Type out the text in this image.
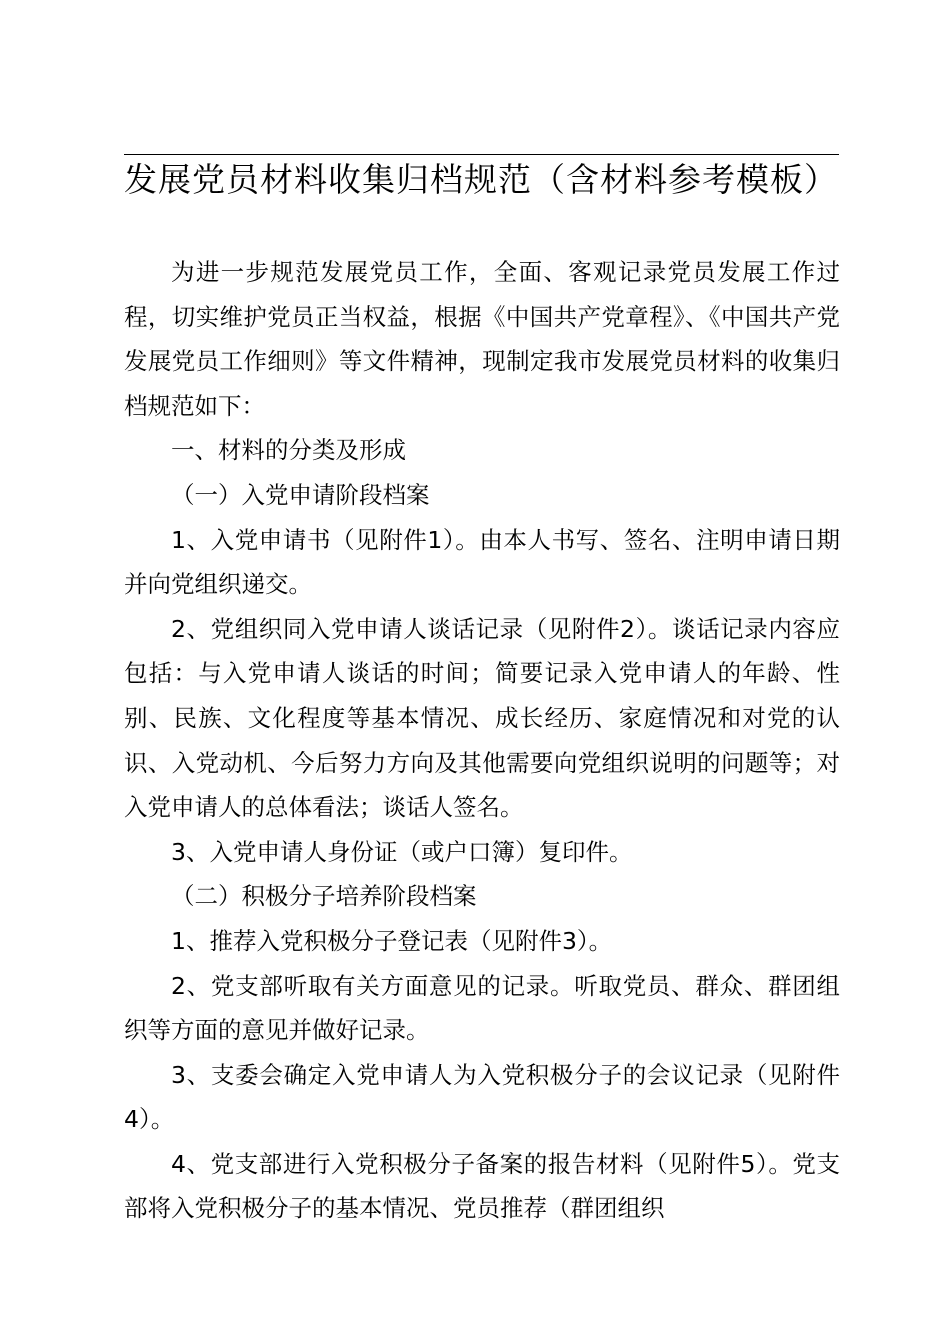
发展党员材料收集归档规范（含材料参考模板）

为进一步规范发展党员工作，全面、客观记录党员发展工作过程，切实维护党员正当权益，根据《中国共产党章程》、《中国共产党发展党员工作细则》等文件精神，现制定我市发展党员材料的收集归档规范如下：

一、材料的分类及形成

（一）入党申请阶段档案

1、入党申请书（见附件1）。由本人书写、签名、注明申请日期并向党组织递交。

2、党组织同入党申请人谈话记录（见附件2）。谈话记录内容应包括：与入党申请人谈话的时间；简要记录入党申请人的年龄、性别、民族、文化程度等基本情况、成长经历、家庭情况和对党的认识、入党动机、今后努力方向及其他需要向党组织说明的问题等；对入党申请人的总体看法；谈话人签名。

3、入党申请人身份证（或户口簿）复印件。

（二）积极分子培养阶段档案

1、推荐入党积极分子登记表（见附件3）。

2、党支部听取有关方面意见的记录。听取党员、群众、群团组织等方面的意见并做好记录。

3、支委会确定入党申请人为入党积极分子的会议记录（见附件4）。

4、党支部进行入党积极分子备案的报告材料（见附件5）。党支部将入党积极分子的基本情况、党员推荐（群团组织
